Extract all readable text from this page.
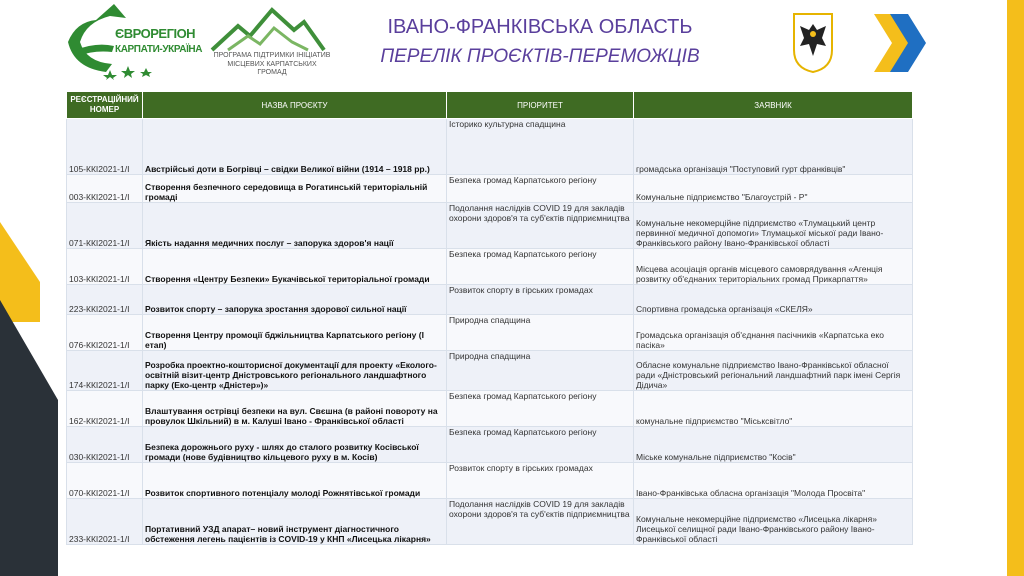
ЄВРОРЕГІОН
КАРПАТИ-УКРАЇНА
ПРОГРАМА ПІДТРИМКИ ІНІЦІАТИВ МІСЦЕВИХ КАРПАТСЬКИХ ГРОМАД
ІВАНО-ФРАНКІВСЬКА ОБЛАСТЬ
ПЕРЕЛІК ПРОЄКТІВ-ПЕРЕМОЖЦІВ
РЕЄСТРАЦІЙНИЙ НОМЕР	НАЗВА ПРОЄКТУ	ПРІОРИТЕТ	ЗАЯВНИК
105-ККІ2021-1/І	Австрійські доти в Богрівці – свідки Великої війни (1914 – 1918 рр.)	Історико культурна спадщина	громадська організація "Поступовий гурт франківців"
003-ККІ2021-1/І	Створення безпечного середовища в Рогатинській територіальній громаді	Безпека громад Карпатського регіону	Комунальне підприємство "Благоустрій - Р"
071-ККІ2021-1/І	Якість надання медичних послуг – запорука здоров'я нації	Подолання наслідків COVID 19 для закладів охорони здоров'я та суб'єктів підприємництва	Комунальне некомерційне підприємство «Тлумацький центр первинної медичної допомоги» Тлумацької міської ради Івано-Франківського району Івано-Франківської області
103-ККІ2021-1/І	Створення «Центру Безпеки» Букачівської територіальної громади	Безпека громад Карпатського регіону	Місцева асоціація органів місцевого самоврядування «Агенція розвитку об'єднаних територіальних громад Прикарпаття»
223-ККІ2021-1/І	Розвиток спорту – запорука зростання здорової сильної нації	Розвиток спорту в гірських громадах	Спортивна громадська організація «СКЕЛЯ»
076-ККІ2021-1/І	Створення Центру промоції бджільництва Карпатського регіону (І етап)	Природна спадщина	Громадська організація об'єднання пасічників «Карпатська еко пасіка»
174-ККІ2021-1/І	Розробка проектно-кошторисної документації для проекту «Еколого-освітній візит-центр Дністровського регіонального ландшафтного парку (Еко-центр «Дністер»)»	Природна спадщина	Обласне комунальне підприємство Івано-Франківської обласної ради «Дністровський регіональний ландшафтний парк імені Сергія Дідича»
162-ККІ2021-1/І	Влаштування острівці безпеки на вул. Свєшна (в районі повороту на провулок Шкільний) в м. Калуші Івано - Франківської області	Безпека громад Карпатського регіону	комунальне підприємство "Міськсвітло"
030-ККІ2021-1/І	Безпека дорожнього руху - шлях до сталого розвитку Косівської громади (нове будівництво кільцевого руху в м. Косів)	Безпека громад Карпатського регіону	Міське комунальне підприємство "Косів"
070-ККІ2021-1/І	Розвиток спортивного потенціалу молоді Рожнятівської громади	Розвиток спорту в гірських громадах	Івано-Франківська обласна організація "Молода Просвіта"
233-ККІ2021-1/І	Портативний УЗД апарат– новий інструмент діагностичного обстеження легень пацієнтів із COVID-19 у КНП «Лисецька лікарня»	Подолання наслідків COVID 19 для закладів охорони здоров'я та суб'єктів підприємництва	Комунальне некомерційне підприємство «Лисецька лікарня» Лисецької селищної ради Івано-Франківського району Івано-Франківської області
